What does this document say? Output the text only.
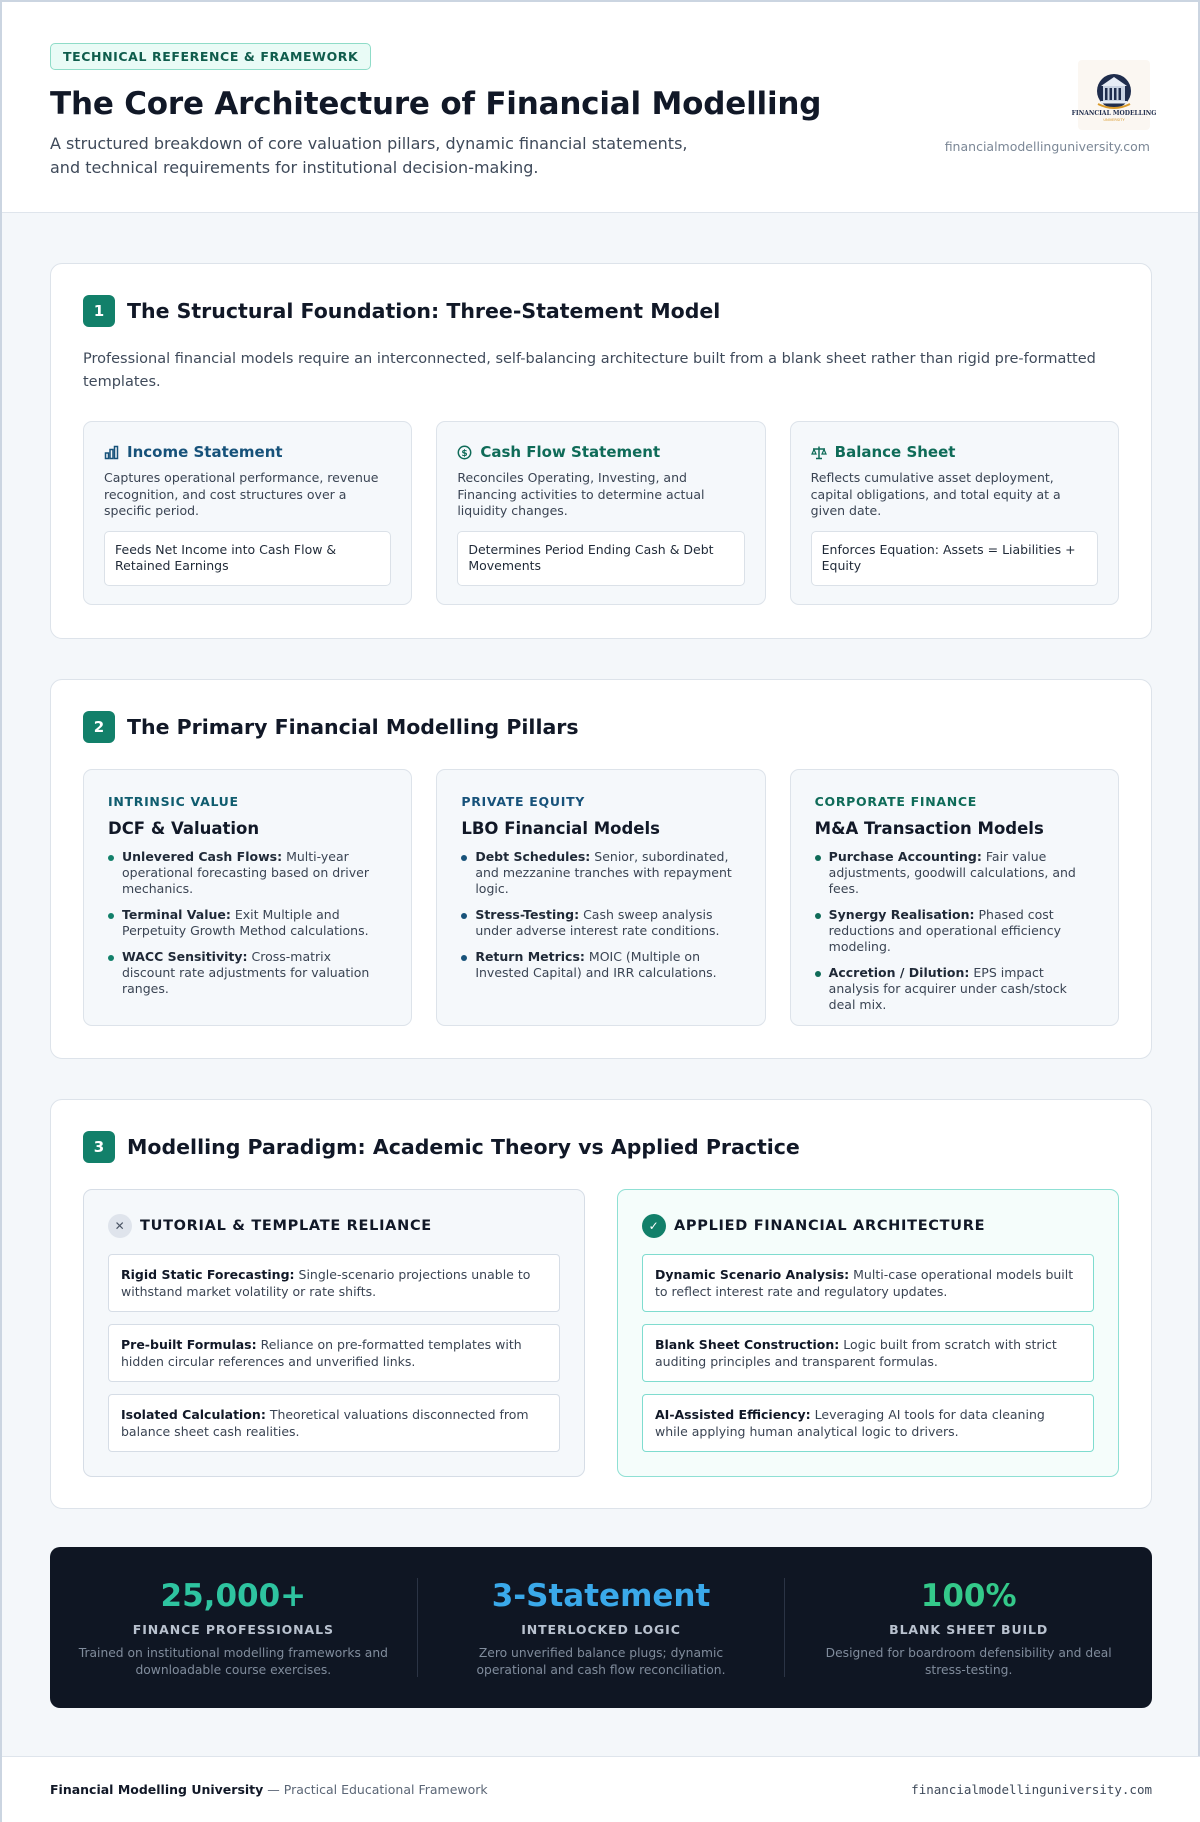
TECHNICAL REFERENCE & FRAMEWORK
The Core Architecture of Financial Modelling

A structured breakdown of core valuation pillars, dynamic financial statements, and technical requirements for institutional decision-making.

FINANCIAL MODELLING
UNIVERSITY
financialmodellinguniversity.com
1	The Structural Foundation: Three-Statement Model

Professional financial models require an interconnected, self-balancing architecture built from a blank sheet rather than rigid pre-formatted templates.

Income Statement

Captures operational performance, revenue recognition, and cost structures over a specific period.

Feeds Net Income into Cash Flow & Retained Earnings
$ Cash Flow Statement

Reconciles Operating, Investing, and Financing activities to determine actual liquidity changes.

Determines Period Ending Cash & Debt Movements
Balance Sheet

Reflects cumulative asset deployment, capital obligations, and total equity at a given date.

Enforces Equation: Assets = Liabilities + Equity
2	The Primary Financial Modelling Pillars
INTRINSIC VALUE
DCF & Valuation
Unlevered Cash Flows: Multi-year operational forecasting based on driver mechanics.
Terminal Value: Exit Multiple and Perpetuity Growth Method calculations.
WACC Sensitivity: Cross-matrix discount rate adjustments for valuation ranges.
PRIVATE EQUITY
LBO Financial Models
Debt Schedules: Senior, subordinated, and mezzanine tranches with repayment logic.
Stress-Testing: Cash sweep analysis under adverse interest rate conditions.
Return Metrics: MOIC (Multiple on Invested Capital) and IRR calculations.
CORPORATE FINANCE
M&A Transaction Models
Purchase Accounting: Fair value adjustments, goodwill calculations, and fees.
Synergy Realisation: Phased cost reductions and operational efficiency modeling.
Accretion / Dilution: EPS impact analysis for acquirer under cash/stock deal mix.
3	Modelling Paradigm: Academic Theory vs Applied Practice
✕	TUTORIAL & TEMPLATE RELIANCE
Rigid Static Forecasting: Single-scenario projections unable to withstand market volatility or rate shifts.
Pre-built Formulas: Reliance on pre-formatted templates with hidden circular references and unverified links.
Isolated Calculation: Theoretical valuations disconnected from balance sheet cash realities.
✓	APPLIED FINANCIAL ARCHITECTURE
Dynamic Scenario Analysis: Multi-case operational models built to reflect interest rate and regulatory updates.
Blank Sheet Construction: Logic built from scratch with strict auditing principles and transparent formulas.
AI-Assisted Efficiency: Leveraging AI tools for data cleaning while applying human analytical logic to drivers.
25,000+
FINANCE PROFESSIONALS
Trained on institutional modelling frameworks and downloadable course exercises.
3-Statement
INTERLOCKED LOGIC
Zero unverified balance plugs; dynamic operational and cash flow reconciliation.
100%
BLANK SHEET BUILD
Designed for boardroom defensibility and deal stress-testing.
Financial Modelling University — Practical Educational Framework	financialmodellinguniversity.com
